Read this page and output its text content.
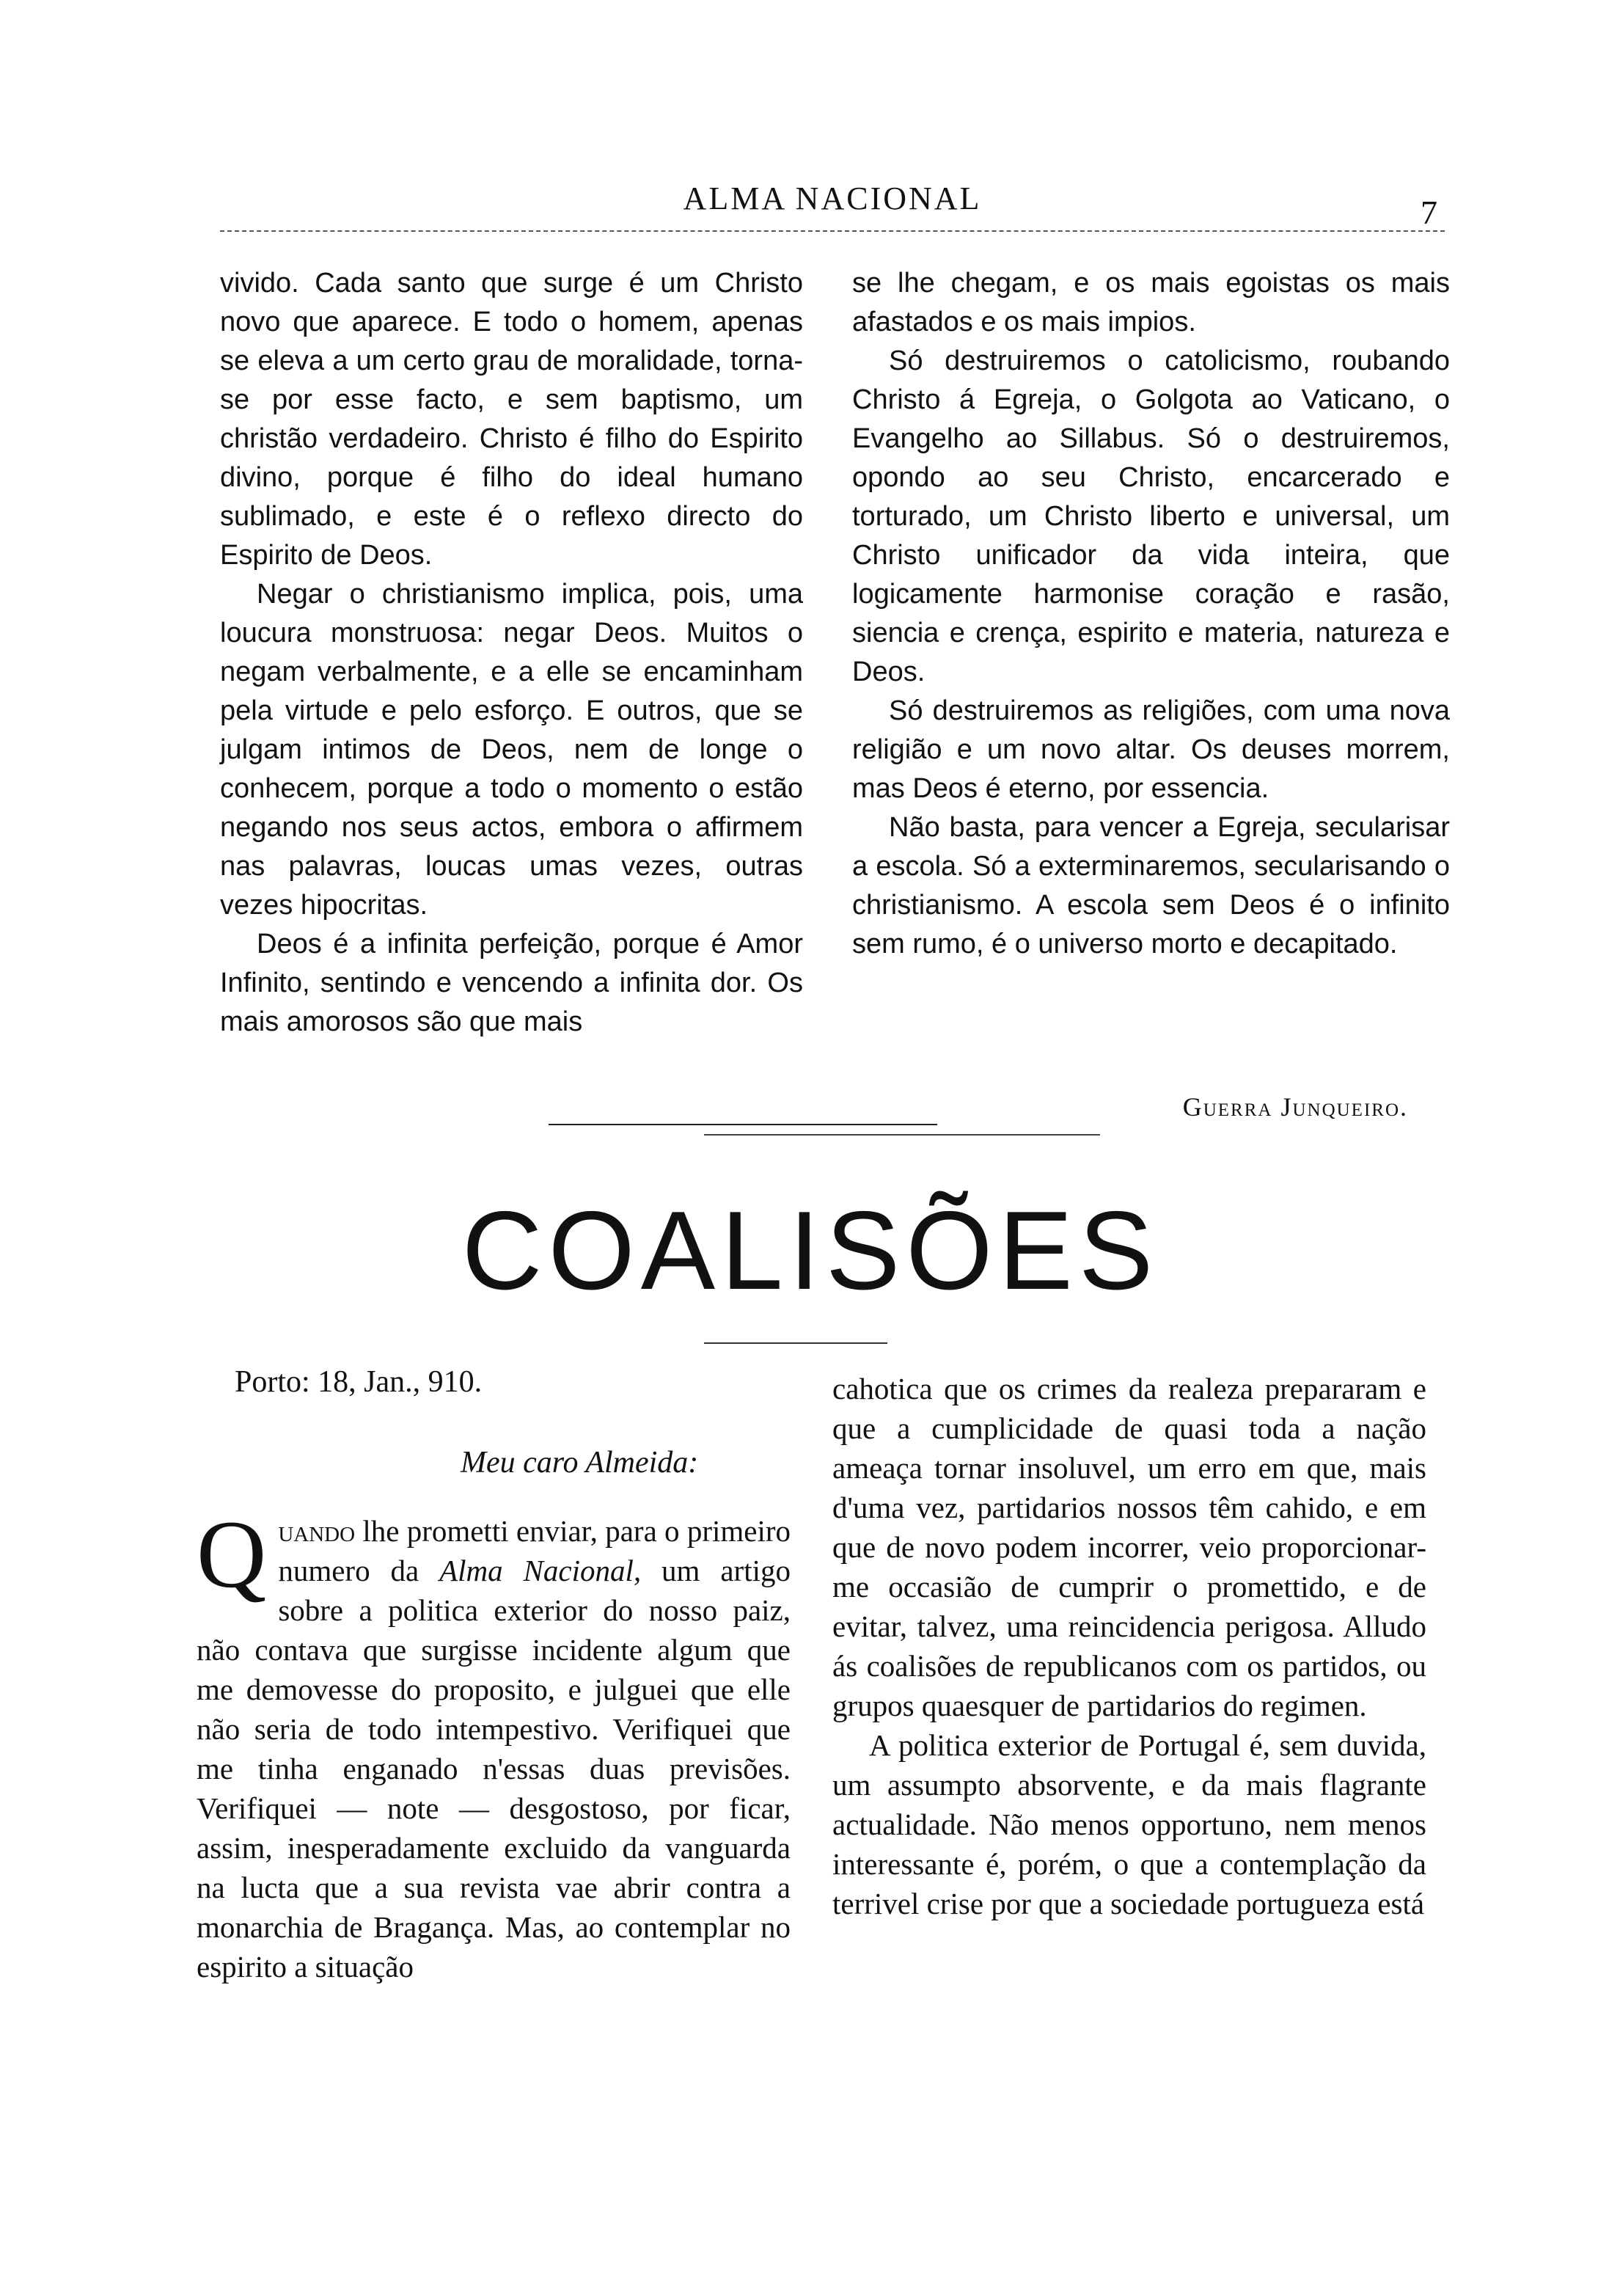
ALMA NACIONAL	7

vivido. Cada santo que surge é um Christo novo que aparece. E todo o homem, apenas se eleva a um certo grau de moralidade, torna-se por esse facto, e sem baptismo, um christão verdadeiro. Christo é filho do Espirito divino, porque é filho do ideal humano sublimado, e este é o reflexo directo do Espirito de Deos.

Negar o christianismo implica, pois, uma loucura monstruosa: negar Deos. Muitos o negam verbalmente, e a elle se encaminham pela virtude e pelo esforço. E outros, que se julgam intimos de Deos, nem de longe o conhecem, porque a todo o momento o estão negando nos seus actos, embora o affirmem nas palavras, loucas umas vezes, outras vezes hipocritas.

Deos é a infinita perfeição, porque é Amor Infinito, sentindo e vencendo a infinita dor. Os mais amorosos são que mais

se lhe chegam, e os mais egoistas os mais afastados e os mais impios.

Só destruiremos o catolicismo, roubando Christo á Egreja, o Golgota ao Vaticano, o Evangelho ao Sillabus. Só o destruiremos, opondo ao seu Christo, encarcerado e torturado, um Christo liberto e universal, um Christo unificador da vida inteira, que logicamente harmonise coração e rasão, siencia e crença, espirito e materia, natureza e Deos.

Só destruiremos as religiões, com uma nova religião e um novo altar. Os deuses morrem, mas Deos é eterno, por essencia.

Não basta, para vencer a Egreja, secularisar a escola. Só a exterminaremos, secularisando o christianismo. A escola sem Deos é o infinito sem rumo, é o universo morto e decapitado.

Guerra Junqueiro.
COALISÕES
Porto: 18, Jan., 910.
Meu caro Almeida:

Quando lhe prometti enviar, para o primeiro numero da Alma Nacional, um artigo sobre a politica exterior do nosso paiz, não contava que surgisse incidente algum que me demovesse do proposito, e julguei que elle não seria de todo intempestivo. Verifiquei que me tinha enganado n'essas duas previsões. Verifiquei — note — desgostoso, por ficar, assim, inesperadamente excluido da vanguarda na lucta que a sua revista vae abrir contra a monarchia de Bragança. Mas, ao contemplar no espirito a situação

cahotica que os crimes da realeza prepararam e que a cumplicidade de quasi toda a nação ameaça tornar insoluvel, um erro em que, mais d'uma vez, partidarios nossos têm cahido, e em que de novo podem incorrer, veio proporcionar-me occasião de cumprir o promettido, e de evitar, talvez, uma reincidencia perigosa. Alludo ás coalisões de republicanos com os partidos, ou grupos quaesquer de partidarios do regimen.

A politica exterior de Portugal é, sem duvida, um assumpto absorvente, e da mais flagrante actualidade. Não menos opportuno, nem menos interessante é, porém, o que a contemplação da terrivel crise por que a sociedade portugueza está
